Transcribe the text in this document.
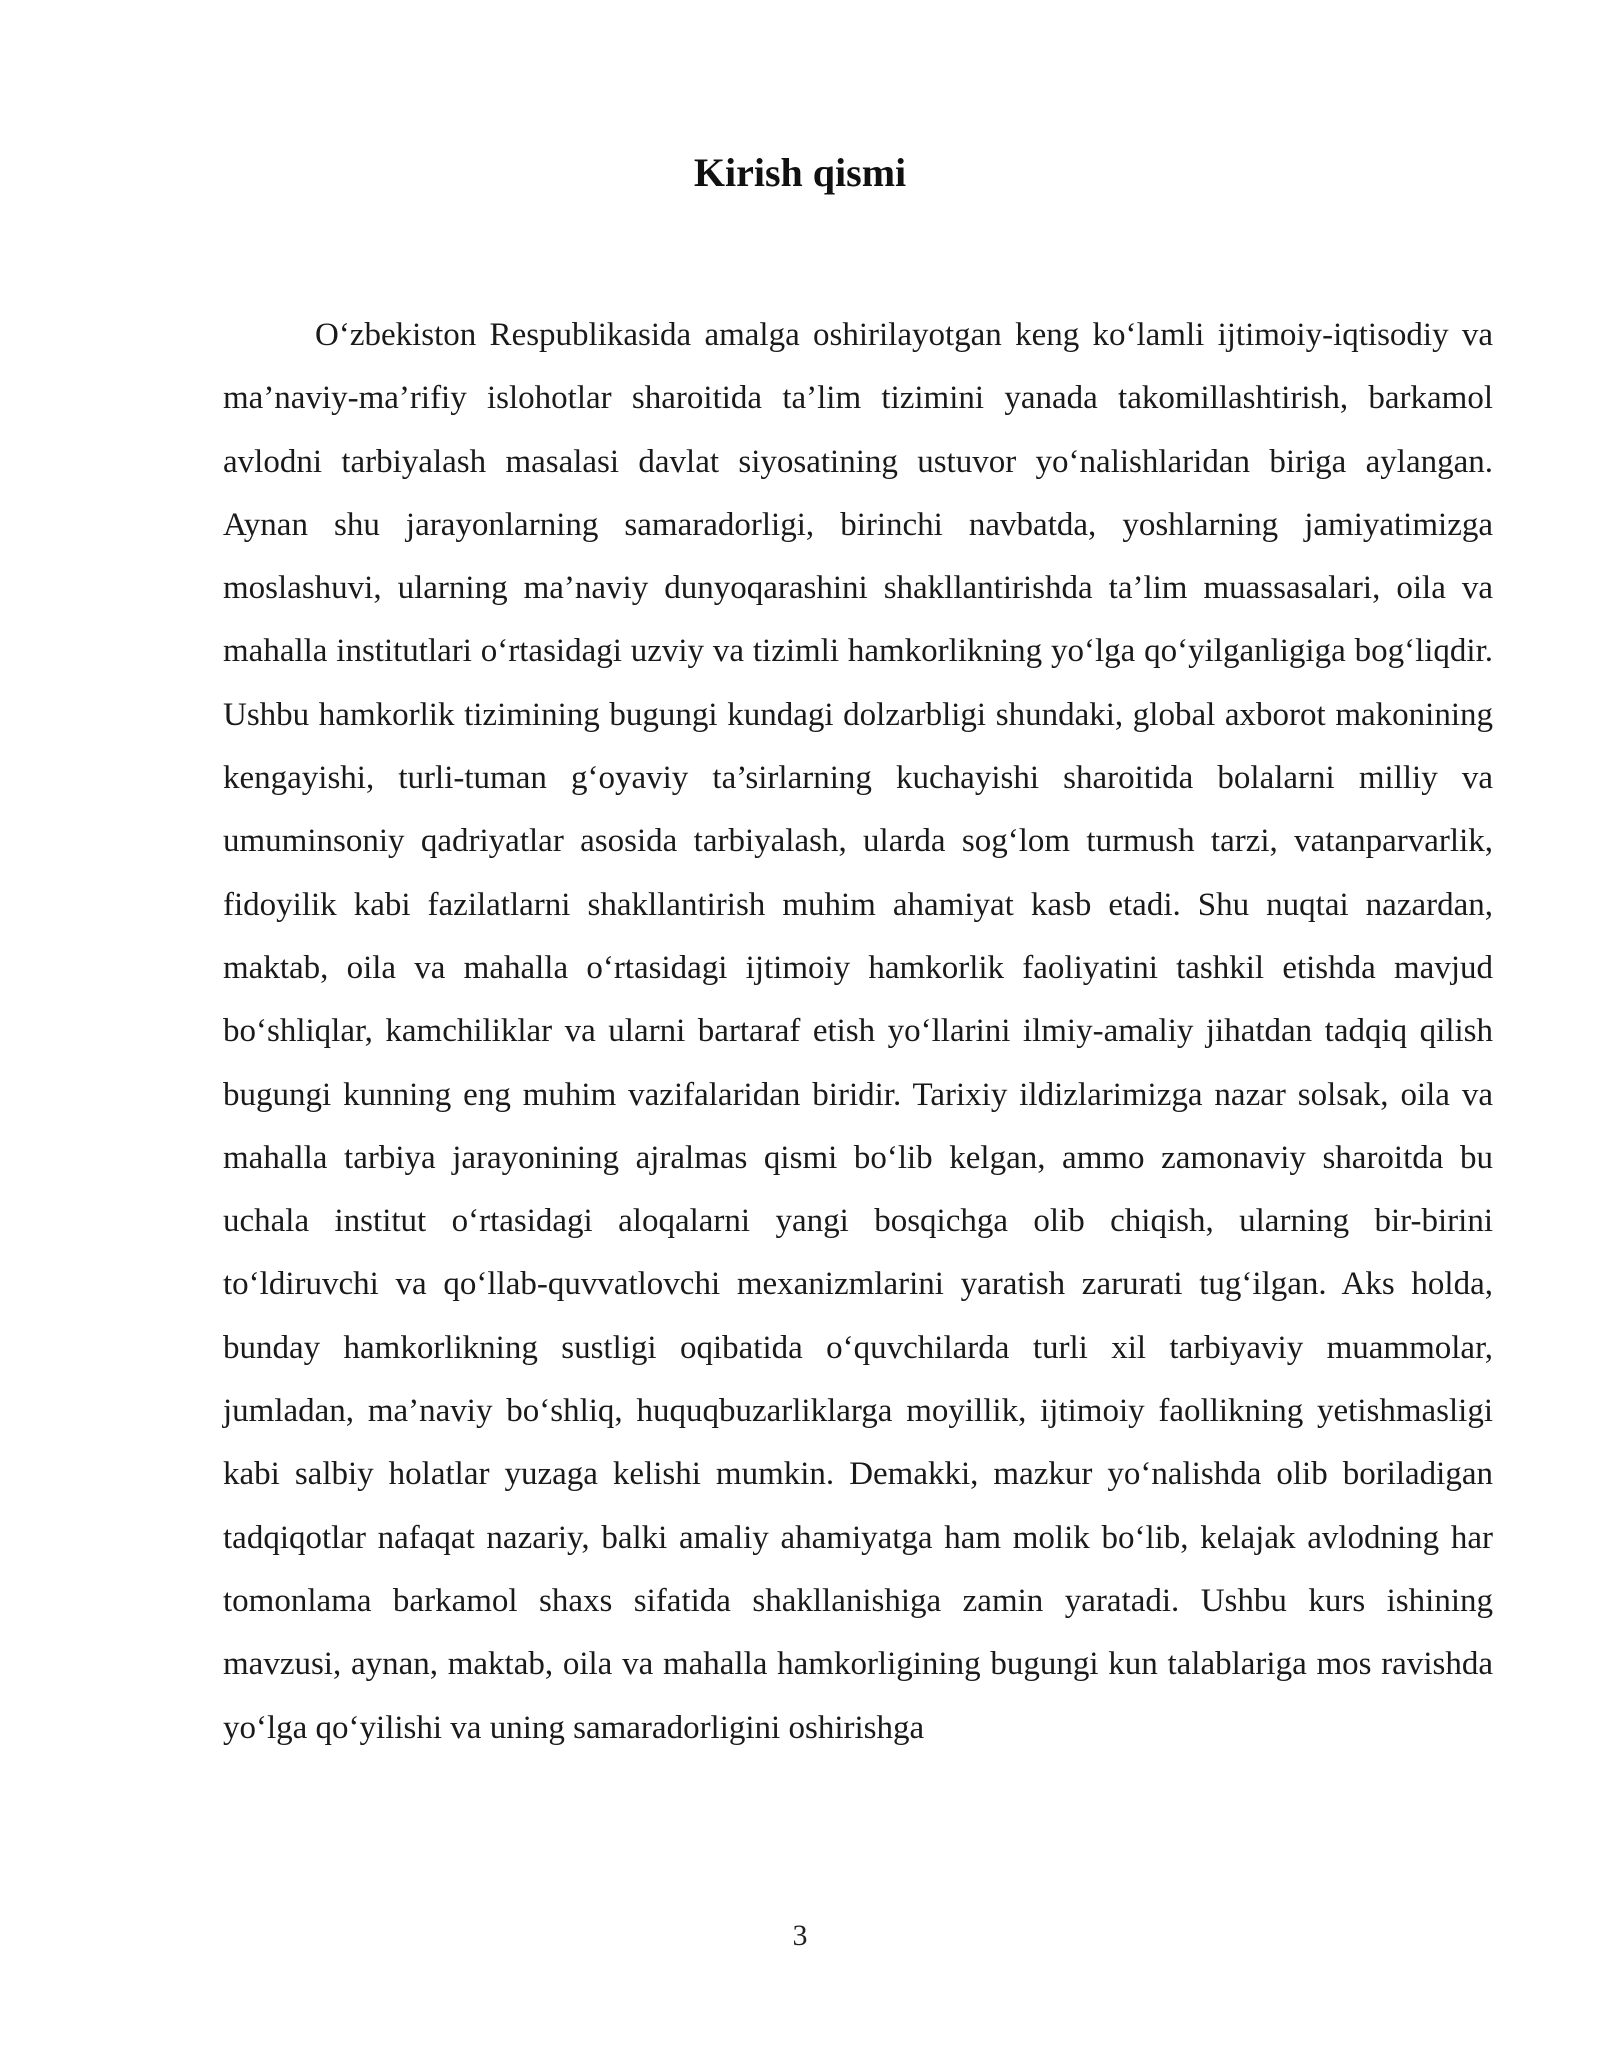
Kirish qismi

O‘zbekiston Respublikasida amalga oshirilayotgan keng ko‘lamli ijtimoiy-iqtisodiy va ma’naviy-ma’rifiy islohotlar sharoitida ta’lim tizimini yanada takomillashtirish, barkamol avlodni tarbiyalash masalasi davlat siyosatining ustuvor yo‘nalishlaridan biriga aylangan. Aynan shu jarayonlarning samaradorligi, birinchi navbatda, yoshlarning jamiyatimizga moslashuvi, ularning ma’naviy dunyoqarashini shakllantirishda ta’lim muassasalari, oila va mahalla institutlari o‘rtasidagi uzviy va tizimli hamkorlikning yo‘lga qo‘yilganligiga bog‘liqdir. Ushbu hamkorlik tizimining bugungi kundagi dolzarbligi shundaki, global axborot makonining kengayishi, turli-tuman g‘oyaviy ta’sirlarning kuchayishi sharoitida bolalarni milliy va umuminsoniy qadriyatlar asosida tarbiyalash, ularda sog‘lom turmush tarzi, vatanparvarlik, fidoyilik kabi fazilatlarni shakllantirish muhim ahamiyat kasb etadi. Shu nuqtai nazardan, maktab, oila va mahalla o‘rtasidagi ijtimoiy hamkorlik faoliyatini tashkil etishda mavjud bo‘shliqlar, kamchiliklar va ularni bartaraf etish yo‘llarini ilmiy-amaliy jihatdan tadqiq qilish bugungi kunning eng muhim vazifalaridan biridir. Tarixiy ildizlarimizga nazar solsak, oila va mahalla tarbiya jarayonining ajralmas qismi bo‘lib kelgan, ammo zamonaviy sharoitda bu uchala institut o‘rtasidagi aloqalarni yangi bosqichga olib chiqish, ularning bir-birini to‘ldiruvchi va qo‘llab-quvvatlovchi mexanizmlarini yaratish zarurati tug‘ilgan. Aks holda, bunday hamkorlikning sustligi oqibatida o‘quvchilarda turli xil tarbiyaviy muammolar, jumladan, ma’naviy bo‘shliq, huquqbuzarliklarga moyillik, ijtimoiy faollikning yetishmasligi kabi salbiy holatlar yuzaga kelishi mumkin. Demakki, mazkur yo‘nalishda olib boriladigan tadqiqotlar nafaqat nazariy, balki amaliy ahamiyatga ham molik bo‘lib, kelajak avlodning har tomonlama barkamol shaxs sifatida shakllanishiga zamin yaratadi. Ushbu kurs ishining mavzusi, aynan, maktab, oila va mahalla hamkorligining bugungi kun talablariga mos ravishda yo‘lga qo‘yilishi va uning samaradorligini oshirishga

3
